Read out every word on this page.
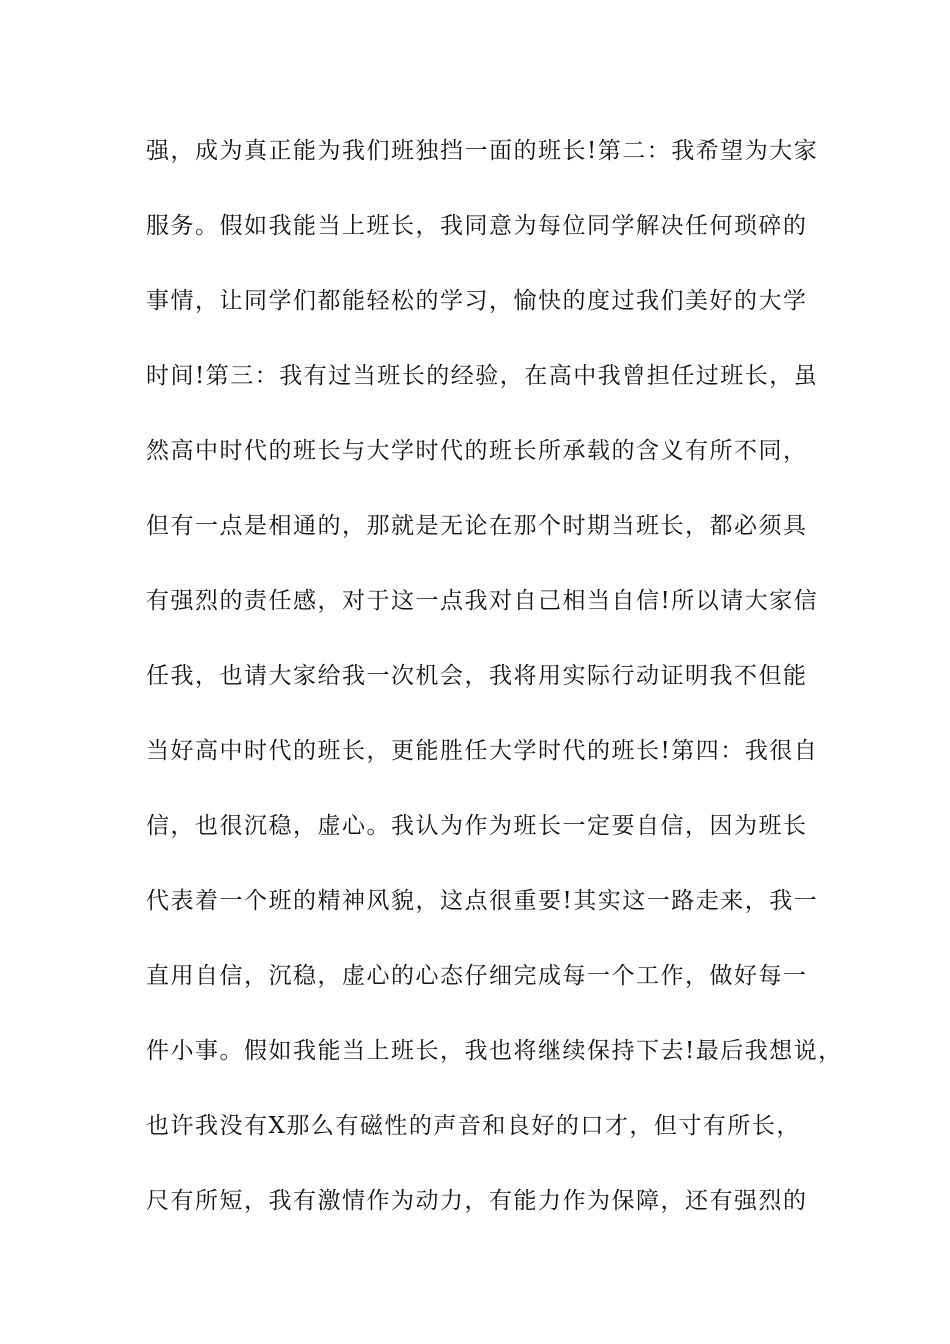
强，成为真正能为我们班独挡一面的班长!第二：我希望为大家
服务。假如我能当上班长，我同意为每位同学解决任何琐碎的
事情，让同学们都能轻松的学习，愉快的度过我们美好的大学
时间!第三：我有过当班长的经验，在高中我曾担任过班长，虽
然高中时代的班长与大学时代的班长所承载的含义有所不同，
但有一点是相通的，那就是无论在那个时期当班长，都必须具
有强烈的责任感，对于这一点我对自己相当自信!所以请大家信
任我，也请大家给我一次机会，我将用实际行动证明我不但能
当好高中时代的班长，更能胜任大学时代的班长!第四：我很自
信，也很沉稳，虚心。我认为作为班长一定要自信，因为班长
代表着一个班的精神风貌，这点很重要!其实这一路走来，我一
直用自信，沉稳，虚心的心态仔细完成每一个工作，做好每一
件小事。假如我能当上班长，我也将继续保持下去!最后我想说，
也许我没有X那么有磁性的声音和良好的口才，但寸有所长，
尺有所短，我有激情作为动力，有能力作为保障，还有强烈的
